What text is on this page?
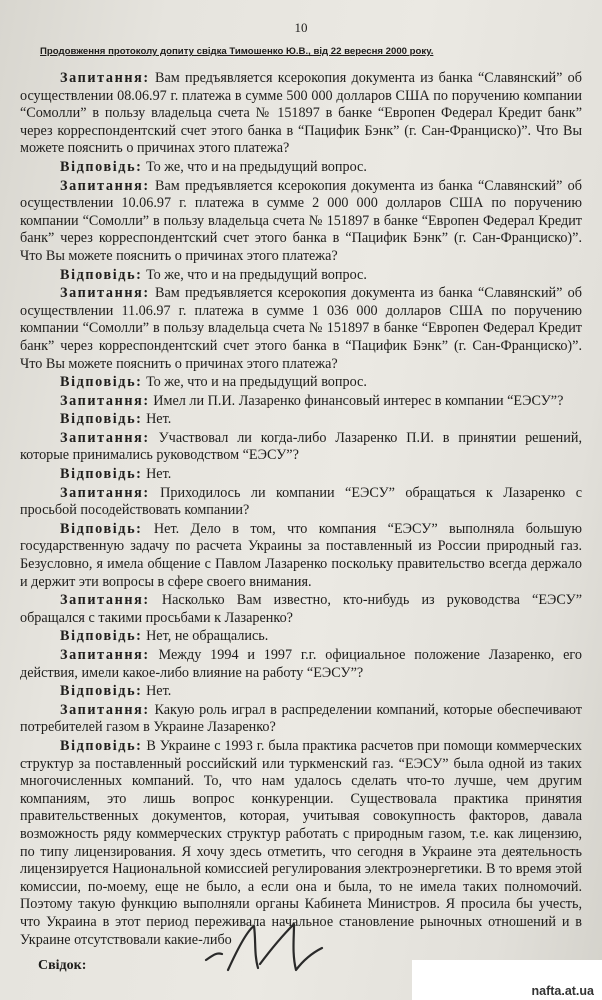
10
Продовження протоколу допиту свідка Тимошенко Ю.В., від 22 вересня 2000 року.

Запитання: Вам предъявляется ксерокопия документа из банка “Славянский” об осуществлении 08.06.97 г. платежа в сумме 500 000 долларов США по поручению компании “Сомолли” в пользу владельца счета № 151897 в банке “Европен Федерал Кредит банк” через корреспондентский счет этого банка в “Пацифик Бэнк” (г. Сан-Франциско)”. Что Вы можете пояснить о причинах этого платежа?

Відповідь: То же, что и на предыдущий вопрос.

Запитання: Вам предъявляется ксерокопия документа из банка “Славянский” об осуществлении 10.06.97 г. платежа в сумме 2 000 000 долларов США по поручению компании “Сомолли” в пользу владельца счета № 151897 в банке “Европен Федерал Кредит банк” через корреспондентский счет этого банка в “Пацифик Бэнк” (г. Сан-Франциско)”. Что Вы можете пояснить о причинах этого платежа?

Відповідь: То же, что и на предыдущий вопрос.

Запитання: Вам предъявляется ксерокопия документа из банка “Славянский” об осуществлении 11.06.97 г. платежа в сумме 1 036 000 долларов США по поручению компании “Сомолли” в пользу владельца счета № 151897 в банке “Европен Федерал Кредит банк” через корреспондентский счет этого банка в “Пацифик Бэнк” (г. Сан-Франциско)”. Что Вы можете пояснить о причинах этого платежа?

Відповідь: То же, что и на предыдущий вопрос.

Запитання: Имел ли П.И. Лазаренко финансовый интерес в компании “ЕЭСУ”?

Відповідь: Нет.

Запитання: Участвовал ли когда-либо Лазаренко П.И. в принятии решений, которые принимались руководством “ЕЭСУ”?

Відповідь: Нет.

Запитання: Приходилось ли компании “ЕЭСУ” обращаться к Лазаренко с просьбой посодействовать компании?

Відповідь: Нет. Дело в том, что компания “ЕЭСУ” выполняла большую государственную задачу по расчета Украины за поставленный из России природный газ. Безусловно, я имела общение с Павлом Лазаренко поскольку правительство всегда держало и держит эти вопросы в сфере своего внимания.

Запитання: Насколько Вам известно, кто-нибудь из руководства “ЕЭСУ” обращался с такими просьбами к Лазаренко?

Відповідь: Нет, не обращались.

Запитання: Между 1994 и 1997 г.г. официальное положение Лазаренко, его действия, имели какое-либо влияние на работу “ЕЭСУ”?

Відповідь: Нет.

Запитання: Какую роль играл в распределении компаний, которые обеспечивают потребителей газом в Украине Лазаренко?

Відповідь: В Украине с 1993 г. была практика расчетов при помощи коммерческих структур за поставленный российский или туркменский газ. “ЕЭСУ” была одной из таких многочисленных компаний. То, что нам удалось сделать что-то лучше, чем другим компаниям, это лишь вопрос конкуренции. Существовала практика принятия правительственных документов, которая, учитывая совокупность факторов, давала возможность ряду коммерческих структур работать с природным газом, т.е. как лицензию, по типу лицензирования. Я хочу здесь отметить, что сегодня в Украине эта деятельность лицензируется Национальной комиссией регулирования электроэнергетики. В то время этой комиссии, по-моему, еще не было, а если она и была, то не имела таких полномочий. Поэтому такую функцию выполняли органы Кабинета Министров. Я просила бы учесть, что Украина в этот период переживала начальное становление рыночных отношений и в Украине отсутствовали какие-либо

Свідок:
nafta.at.ua
